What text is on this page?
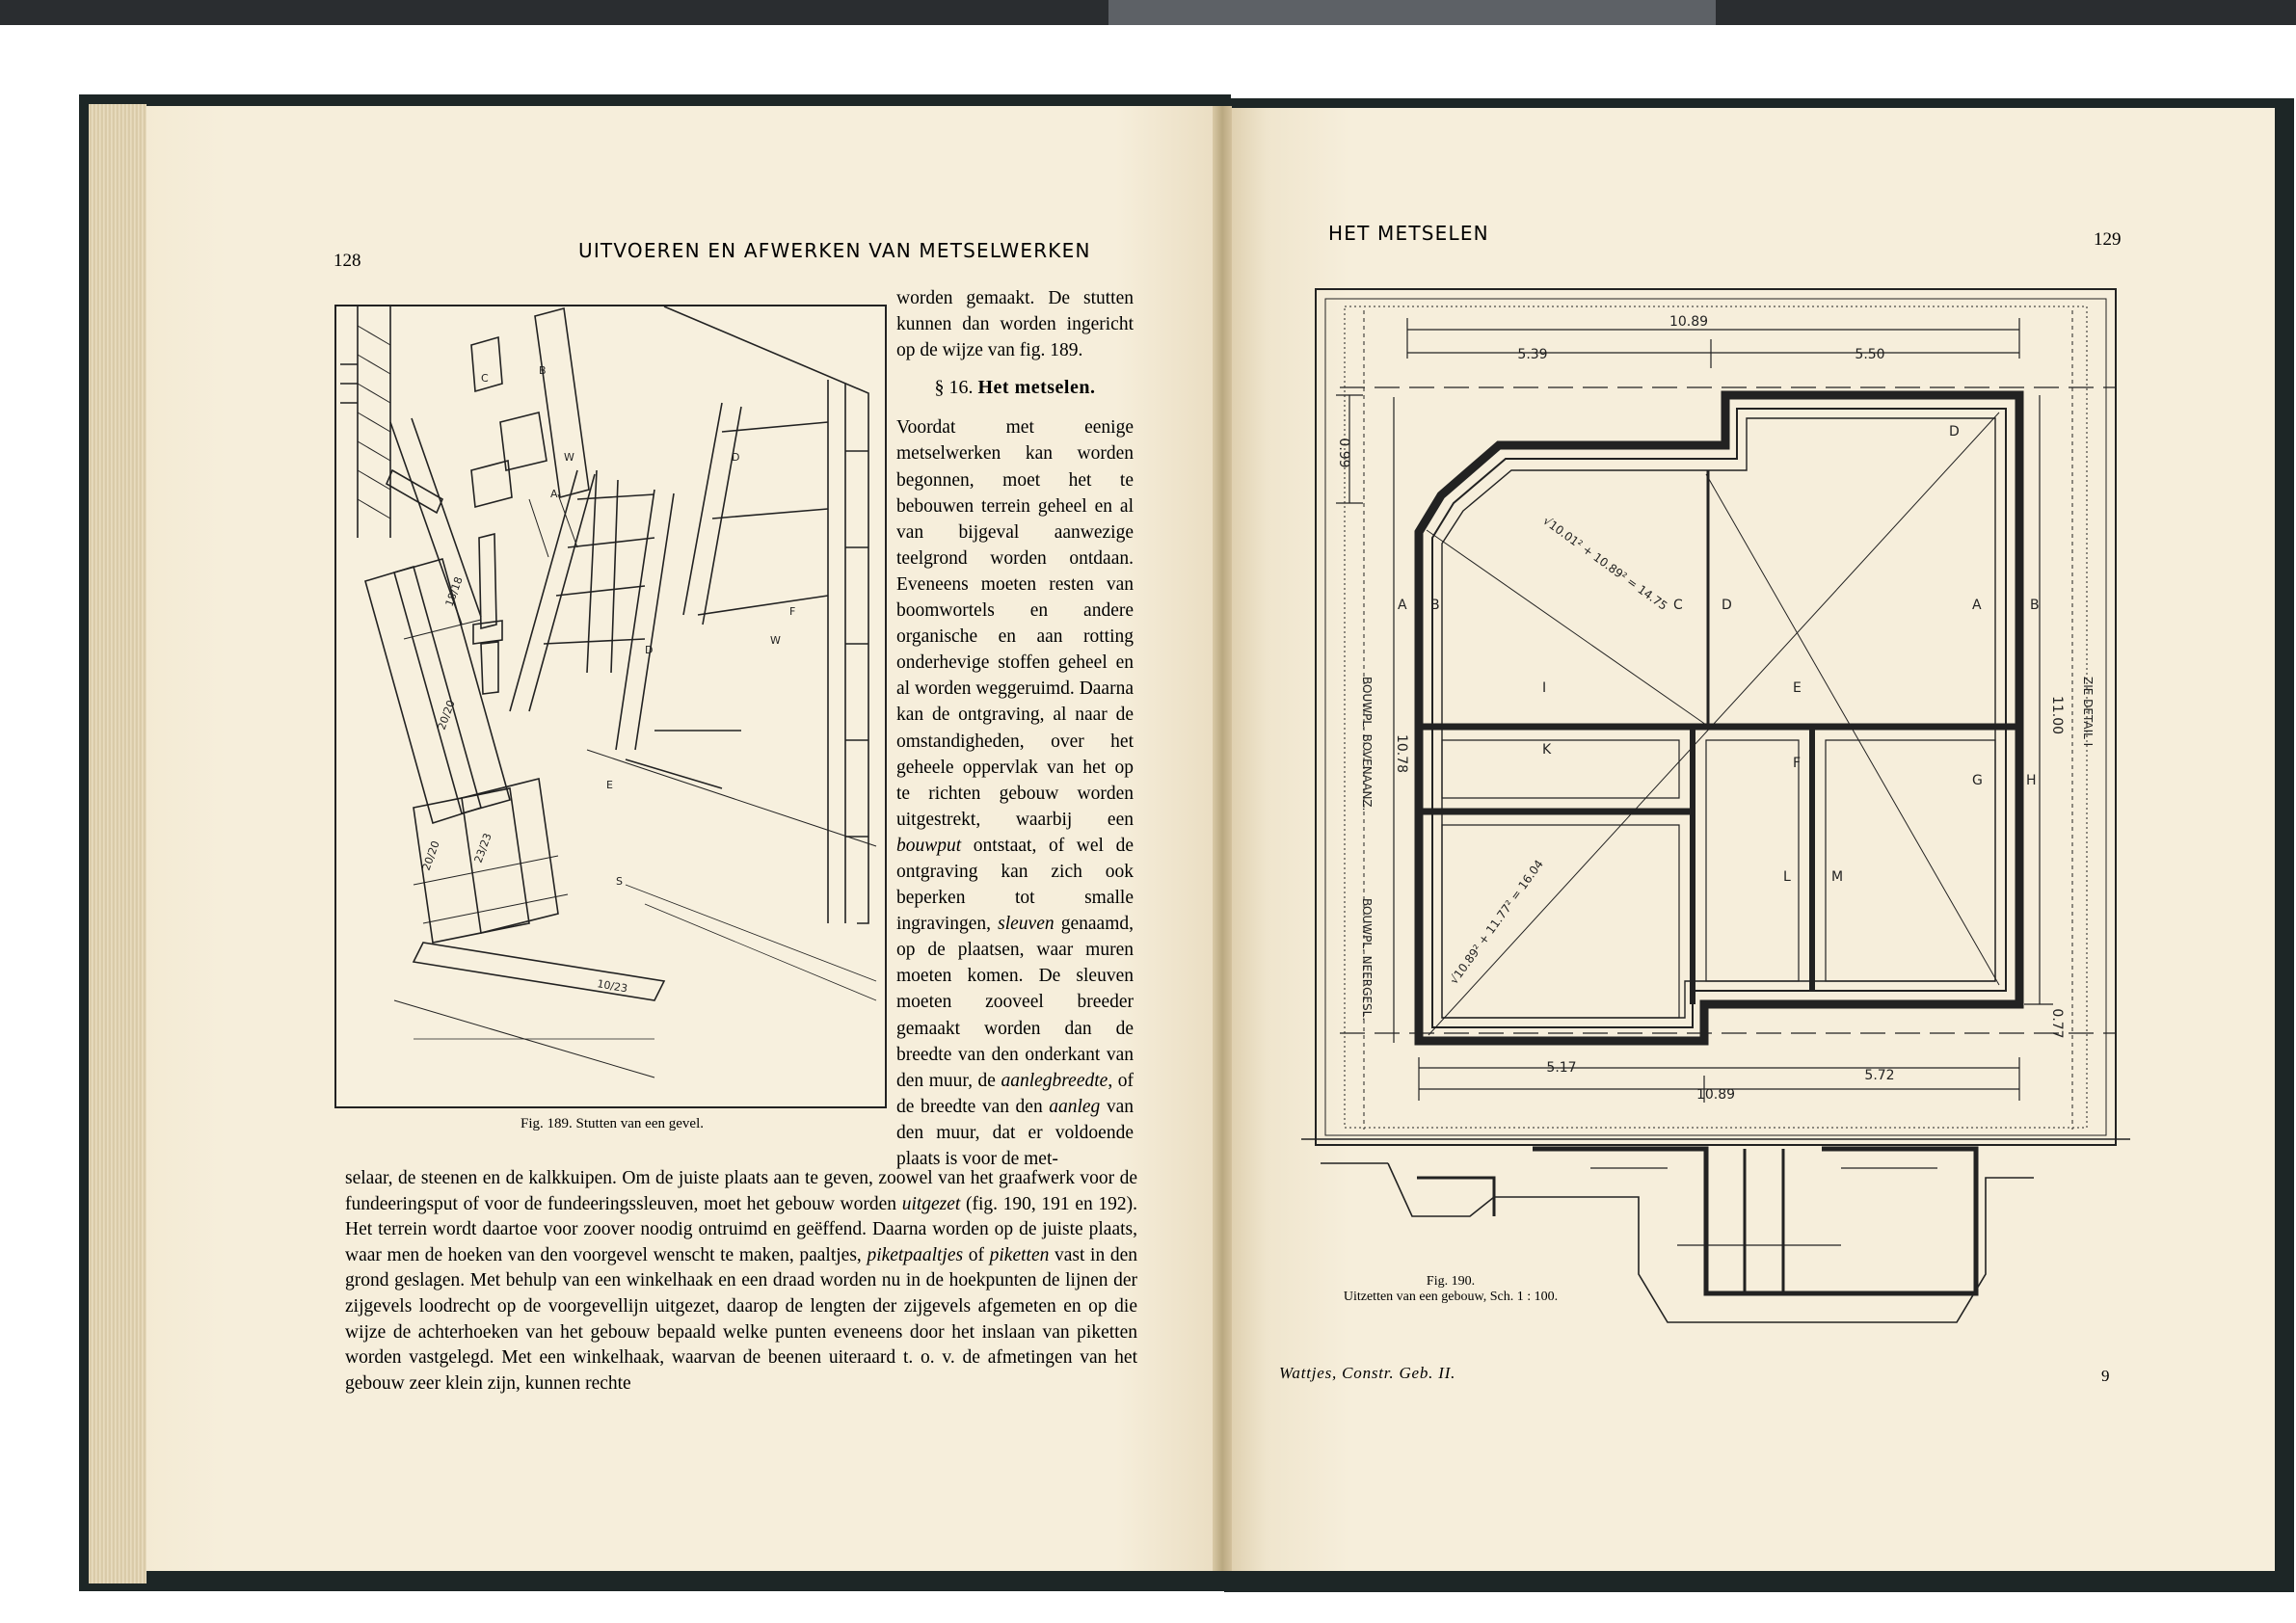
128	UITVOEREN EN AFWERKEN VAN METSELWERKEN
C
W
A
B
D
F
W
D
E
S
18/18
20/20
20/20	23/23
10/23
Fig. 189. Stutten van een gevel.

worden gemaakt. De stutten kunnen dan worden ingericht op de wijze van fig. 189.

§ 16. Het metselen.

Voordat met eenige metselwerken kan worden begonnen, moet het te bebouwen terrein geheel en al van bijgeval aanwezige teelgrond worden ontdaan. Eveneens moeten resten van boomwortels en andere organische en aan rotting onderhevige stoffen geheel en al worden weggeruimd. Daarna kan de ontgraving, al naar de omstandigheden, over het geheele oppervlak van het op te richten gebouw worden uitgestrekt, waarbij een bouwput ontstaat, of wel de ontgraving kan zich ook beperken tot smalle ingravingen, sleuven genaamd, op de plaatsen, waar muren moeten komen. De sleuven moeten zooveel breeder gemaakt worden dan de breedte van den onderkant van den muur, de aanlegbreedte, of de breedte van den aanleg van den muur, dat er voldoende plaats is voor de met-

selaar, de steenen en de kalkkuipen. Om de juiste plaats aan te geven, zoowel van het graafwerk voor de fundeeringsput of voor de fundeeringssleuven, moet het gebouw worden uitgezet (fig. 190, 191 en 192). Het terrein wordt daartoe voor zoover noodig ontruimd en geëffend. Daarna worden op de juiste plaats, waar men de hoeken van den voorgevel wenscht te maken, paaltjes, piketpaaltjes of piketten vast in den grond geslagen. Met behulp van een winkelhaak en een draad worden nu in de hoekpunten de lijnen der zijgevels loodrecht op de voorgevellijn uitgezet, daarop de lengten der zijgevels afgemeten en op die wijze de achterhoeken van het gebouw bepaald welke punten eveneens door het inslaan van piketten worden vastgelegd. Met een winkelhaak, waarvan de beenen uiteraard t. o. v. de afmetingen van het gebouw zeer klein zijn, kunnen rechte

HET METSELEN	129
10.89
5.39	5.50
0.99
10.78
11.00
0.77
5.17	5.72
10.89
√10.01² + 10.89² = 14.75
√10.89² + 11.77² = 16.04
BOUWPL. BOVENAANZ.
BOUWPL. NEERGESL.
ZIE DETAIL I
A B	C	D	A	B
E
F
I
K
G	H
L	M
D
Fig. 190.
Uitzetten van een gebouw, Sch. 1 : 100.
Wattjes, Constr. Geb. II.	9
